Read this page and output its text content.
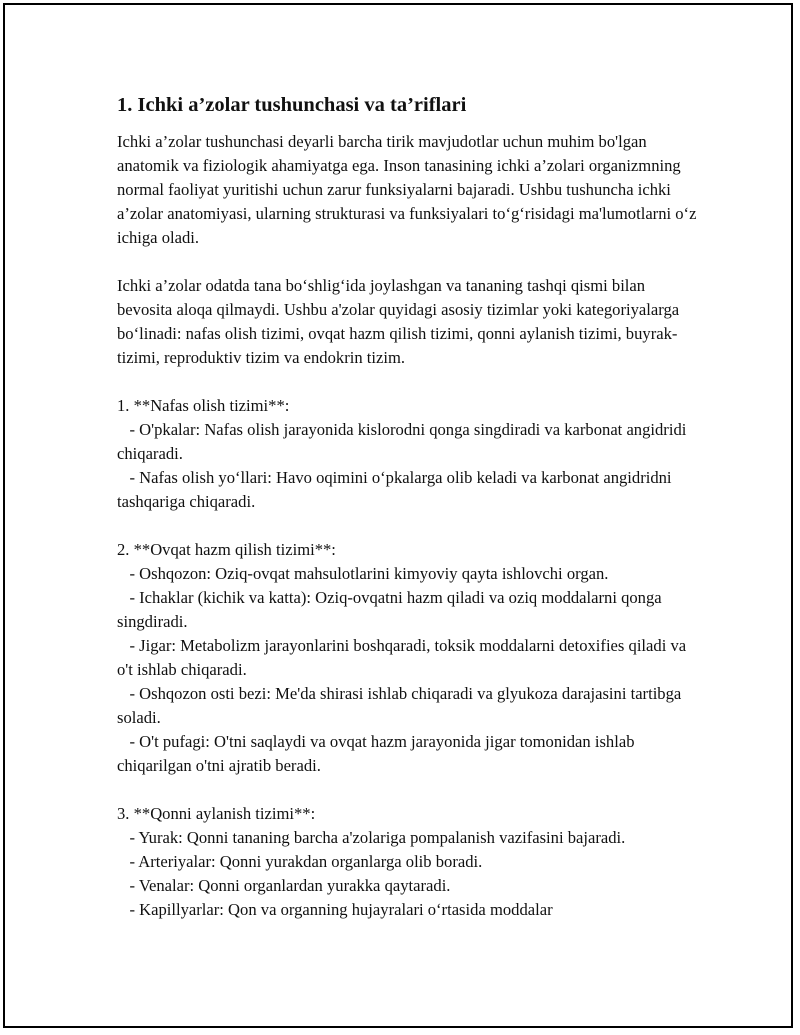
1. Ichki a’zolar tushunchasi va ta’riflari

Ichki a’zolar tushunchasi deyarli barcha tirik mavjudotlar uchun muhim bo'lgan anatomik va fiziologik ahamiyatga ega. Inson tanasining ichki a’zolari organizmning normal faoliyat yuritishi uchun zarur funksiyalarni bajaradi. Ushbu tushuncha ichki a’zolar anatomiyasi, ularning strukturasi va funksiyalari to‘g‘risidagi ma'lumotlarni o‘z ichiga oladi.

Ichki a’zolar odatda tana bo‘shlig‘ida joylashgan va tananing tashqi qismi bilan bevosita aloqa qilmaydi. Ushbu a'zolar quyidagi asosiy tizimlar yoki kategoriyalarga bo‘linadi: nafas olish tizimi, ovqat hazm qilish tizimi, qonni aylanish tizimi, buyrak-tizimi, reproduktiv tizim va endokrin tizim.

1. **Nafas olish tizimi**:

- O'pkalar: Nafas olish jarayonida kislorodni qonga singdiradi va karbonat angidridi chiqaradi.

- Nafas olish yo‘llari: Havo oqimini o‘pkalarga olib keladi va karbonat angidridni tashqariga chiqaradi.

2. **Ovqat hazm qilish tizimi**:

- Oshqozon: Oziq-ovqat mahsulotlarini kimyoviy qayta ishlovchi organ.

- Ichaklar (kichik va katta): Oziq-ovqatni hazm qiladi va oziq moddalarni qonga singdiradi.

- Jigar: Metabolizm jarayonlarini boshqaradi, toksik moddalarni detoxifies qiladi va o't ishlab chiqaradi.

- Oshqozon osti bezi: Me'da shirasi ishlab chiqaradi va glyukoza darajasini tartibga soladi.

- O't pufagi: O'tni saqlaydi va ovqat hazm jarayonida jigar tomonidan ishlab chiqarilgan o'tni ajratib beradi.

3. **Qonni aylanish tizimi**:

- Yurak: Qonni tananing barcha a'zolariga pompalanish vazifasini bajaradi.

- Arteriyalar: Qonni yurakdan organlarga olib boradi.

- Venalar: Qonni organlardan yurakka qaytaradi.

- Kapillyarlar: Qon va organning hujayralari o‘rtasida moddalar
